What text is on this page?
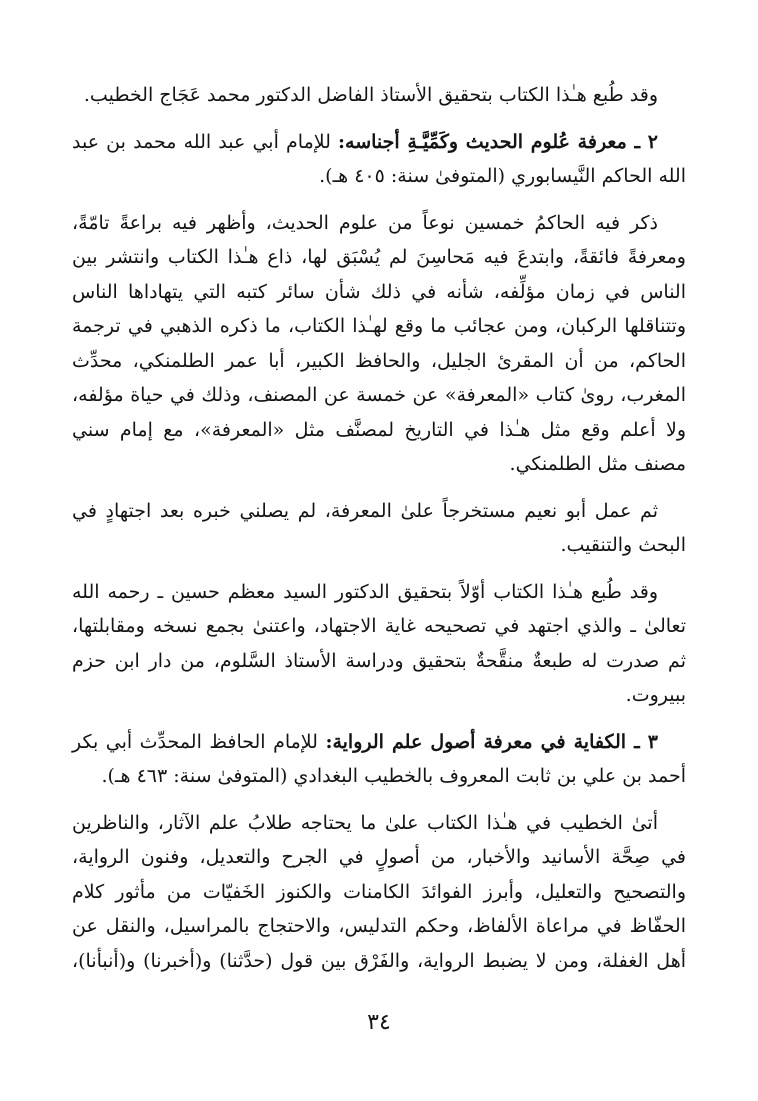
وقد طُبع هـٰذا الكتاب بتحقيق الأستاذ الفاضل الدكتور محمد عَجَاج الخطيب.

٢ ـ معرفة عُلوم الحديث وكَمِّيَّـةِ أجناسه: للإمام أبي عبد الله محمد بن عبد الله الحاكم النَّيسابوري (المتوفىٰ سنة: ٤٠٥ هـ).

ذكر فيه الحاكمُ خمسين نوعاً من علوم الحديث، وأظهر فيه براعةً تامّةً، ومعرفةً فائقةً، وابتدعَ فيه مَحاسِنَ لم يُسْبَق لها، ذاع هـٰذا الكتاب وانتشر بين الناس في زمان مؤلِّفه، شأنه في ذلك شأن سائر كتبه التي يتهاداها الناس وتتناقلها الركبان، ومن عجائب ما وقع لهـٰذا الكتاب، ما ذكره الذهبي في ترجمة الحاكم، من أن المقرئ الجليل، والحافظ الكبير، أبا عمر الطلمنكي، محدِّث المغرب، روىٰ كتاب «المعرفة» عن خمسة عن المصنف، وذلك في حياة مؤلفه، ولا أعلم وقع مثل هـٰذا في التاريخ لمصنَّف مثل «المعرفة»، مع إمام سني مصنف مثل الطلمنكي.

ثم عمل أبو نعيم مستخرجاً علىٰ المعرفة، لم يصلني خبره بعد اجتهادٍ في البحث والتنقيب.

وقد طُبع هـٰذا الكتاب أوّلاً بتحقيق الدكتور السيد معظم حسين ـ رحمه الله تعالىٰ ـ والذي اجتهد في تصحيحه غاية الاجتهاد، واعتنىٰ بجمع نسخه ومقابلتها، ثم صدرت له طبعةٌ منقَّحةٌ بتحقيق ودراسة الأستاذ السَّلوم، من دار ابن حزم ببيروت.

٣ ـ الكفاية في معرفة أصول علم الرواية: للإمام الحافظ المحدِّث أبي بكر أحمد بن علي بن ثابت المعروف بالخطيب البغدادي (المتوفىٰ سنة: ٤٦٣ هـ).

أتىٰ الخطيب في هـٰذا الكتاب علىٰ ما يحتاجه طلابُ علم الآثار، والناظرين في صِحَّة الأسانيد والأخبار، من أصولٍ في الجرح والتعديل، وفنون الرواية، والتصحيح والتعليل، وأبرز الفوائدَ الكامنات والكنوز الخَفيّات من مأثور كلام الحفّاظ في مراعاة الألفاظ، وحكم التدليس، والاحتجاج بالمراسيل، والنقل عن أهل الغفلة، ومن لا يضبط الرواية، والفَرْق بين قول (حدَّثنا) و(أخبرنا) و(أنبأنا)،

٣٤
